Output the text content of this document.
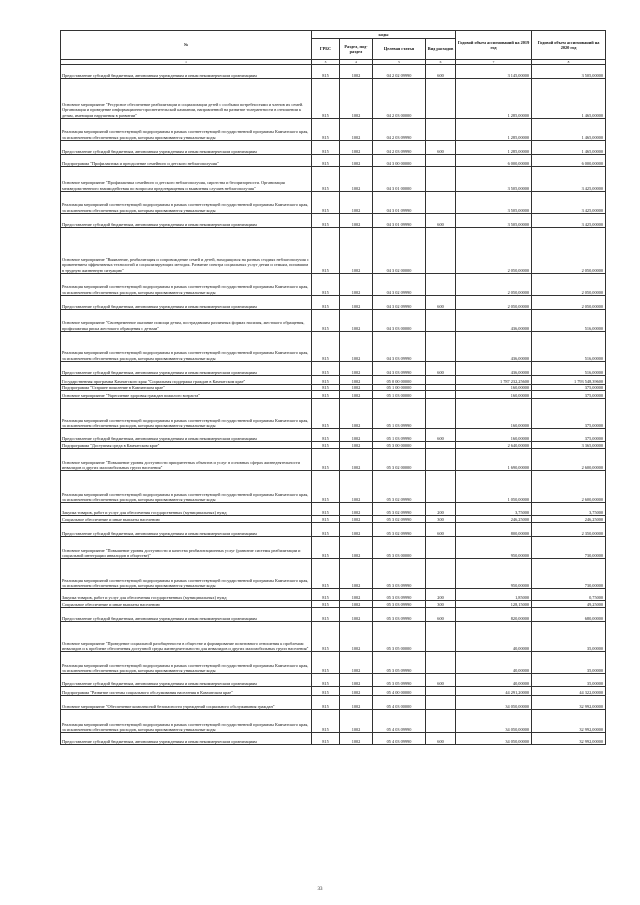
№	коды				Годовой объем ассигнований на 2019 год	Годовой объем ассигнований на 2020 год
	ГРБС	Раздел, под- раздел	Целевая статья	Вид расходов		
1	3	4	5	6	7	8
Предоставление субсидий бюджетным, автономным учреждениям и иным некоммерческим организациям	815	1002	04 2 02 09990	600	3 145,00000	3 505,00000
Основное мероприятие "Ресурсное обеспечение реабилитации и социализации детей с особыми потребностями и членов их семей. Организация и проведение информационно-просветительской кампании, направленной на развитие толерантности в отношении к детям, имеющим нарушения в развитии"	815	1002	04 2 03 00000		1 285,00000	1 465,00000
Реализация мероприятий соответствующей подпрограммы в рамках соответствующей государственной программы Камчатского края, за исключением обеспеченных расходов, которым присваиваются уникальные коды	815	1002	04 2 03 09990		1 285,00000	1 465,00000
Предоставление субсидий бюджетным, автономным учреждениям и иным некоммерческим организациям	815	1002	04 2 03 09990	600	1 285,00000	1 465,00000
Подпрограмма "Профилактика и преодоление семейного и детского неблагополучия"	815	1002	04 3 00 00000		6 000,00000	6 000,00000
Основное мероприятие "Профилактика семейного и детского неблагополучия, сиротства и беспризорности. Организация межведомственного взаимодействия по вопросам предотвращения и выявления случаев неблагополучия"	815	1002	04 3 01 00000		3 505,00000	3 425,00000
Реализация мероприятий соответствующей подпрограммы в рамках соответствующей государственной программы Камчатского края, за исключением обеспеченных расходов, которым присваиваются уникальные коды	815	1002	04 3 01 09990		3 505,00000	3 425,00000
Предоставление субсидий бюджетным, автономным учреждениям и иным некоммерческим организациям	815	1002	04 3 01 09990	600	3 505,00000	3 425,00000
Основное мероприятие "Выявление, реабилитация и сопровождение семей и детей, находящихся на разных стадиях неблагополучия с применением эффективных технологий и социализирующих методик. Развитие спектра социальных услуг детям и семьям, попавшим в трудную жизненную ситуацию"	815	1002	04 3 02 00000		2 050,00000	2 050,00000
Реализация мероприятий соответствующей подпрограммы в рамках соответствующей государственной программы Камчатского края, за исключением обеспеченных расходов, которым присваиваются уникальные коды	815	1002	04 3 02 09990		2 050,00000	2 050,00000
Предоставление субсидий бюджетным, автономным учреждениям и иным некоммерческим организациям	815	1002	04 3 02 09990	600	2 050,00000	2 050,00000
Основное мероприятие "Своевременное оказание помощи детям, пострадавшим различных формах насилия, жестокого обращения, профилактика риска жестокого обращения с детьми"	815	1002	04 3 03 00000		436,00000	516,00000
Реализация мероприятий соответствующей подпрограммы в рамках соответствующей государственной программы Камчатского края, за исключением обеспеченных расходов, которым присваиваются уникальные коды	815	1002	04 3 03 09990		436,00000	516,00000
Предоставление субсидий бюджетным, автономным учреждениям и иным некоммерческим организациям	815	1002	04 3 03 09990	600	436,00000	516,00000
Государственная программа Камчатского края "Социальная поддержка граждан в Камчатском крае"	815	1002	05 0 00 00000		1 787 232,25600	1 793 548,39600
Подпрограмма "Старшее поколение в Камчатском крае"	815	1002	05 1 00 00000		160,00000	375,00000
Основное мероприятие "Укрепление здоровья граждан пожилого возраста"	815	1002	05 1 03 00000		160,00000	375,00000
Реализация мероприятий соответствующей подпрограммы в рамках соответствующей государственной программы Камчатского края, за исключением обеспеченных расходов, которым присваиваются уникальные коды	815	1002	05 1 03 09990		160,00000	375,00000
Предоставление субсидий бюджетным, автономным учреждениям и иным некоммерческим организациям	815	1002	05 1 03 09990	600	160,00000	375,00000
Подпрограмма "Доступная среда в Камчатском крае"	815	1002	05 3 00 00000		2 640,00000	3 365,00000
Основное мероприятие "Повышение уровня доступности приоритетных объектов и услуг в основных сферах жизнедеятельности инвалидов и других маломобильных групп населения"	815	1002	05 3 02 00000		1 690,00000	2 600,00000
Реализация мероприятий соответствующей подпрограммы в рамках соответствующей государственной программы Камчатского края, за исключением обеспеченных расходов, которым присваиваются уникальные коды	815	1002	05 3 02 09990		1 050,00000	2 600,00000
Закупка товаров, работ и услуг для обеспечения государственных (муниципальных) нужд	815	1002	05 3 02 09990	200	3,75000	3,75000
Социальное обеспечение и иные выплаты населению	815	1002	05 3 02 09990	300	246,25000	246,25000
Предоставление субсидий бюджетным, автономным учреждениям и иным некоммерческим организациям	815	1002	05 3 02 09990	600	800,00000	2 350,00000
Основное мероприятие "Повышение уровня доступности и качества реабилитационных услуг (развитие системы реабилитации и социальной интеграции инвалидов в обществе)"	815	1002	05 3 03 00000		950,00000	730,00000
Реализация мероприятий соответствующей подпрограммы в рамках соответствующей государственной программы Камчатского края, за исключением обеспеченных расходов, которым присваиваются уникальные коды	815	1002	05 3 03 09990		950,00000	730,00000
Закупка товаров, работ и услуг для обеспечения государственных (муниципальных) нужд	815	1002	05 3 03 09990	200	1,85000	0,75000
Социальное обеспечение и иные выплаты населению	815	1002	05 3 03 09990	300	128,15000	49,25000
Предоставление субсидий бюджетным, автономным учреждениям и иным некоммерческим организациям	815	1002	05 3 03 09990	600	820,00000	680,00000
Основное мероприятие "Проведение социальной разобщенности в обществе и формирование позитивного отношения к проблемам инвалидов и к проблеме обеспечения доступной среды жизнедеятельности для инвалидов и других маломобильных групп населения"	815	1002	05 3 05 00000		40,00000	35,00000
Реализация мероприятий соответствующей подпрограммы в рамках соответствующей государственной программы Камчатского края, за исключением обеспеченных расходов, которым присваиваются уникальные коды	815	1002	05 3 05 09990		40,00000	35,00000
Предоставление субсидий бюджетным, автономным учреждениям и иным некоммерческим организациям	815	1002	05 3 05 09990	600	40,00000	35,00000
Подпрограмма "Развитие системы социального обслуживания населения в Камчатском крае"	815	1002	05 4 00 00000		44 291,20000	44 322,00000
Основное мероприятие "Обеспечение комплексной безопасности учреждений социального обслуживания граждан"	815	1002	05 4 03 00000		34 050,00000	32 992,00000
Реализация мероприятий соответствующей подпрограммы в рамках соответствующей государственной программы Камчатского края, за исключением обеспеченных расходов, которым присваиваются уникальные коды	815	1002	05 4 03 09990		34 050,00000	32 992,00000
Предоставление субсидий бюджетным, автономным учреждениям и иным некоммерческим организациям	815	1002	05 4 03 09990	600	34 050,00000	32 992,00000
33
